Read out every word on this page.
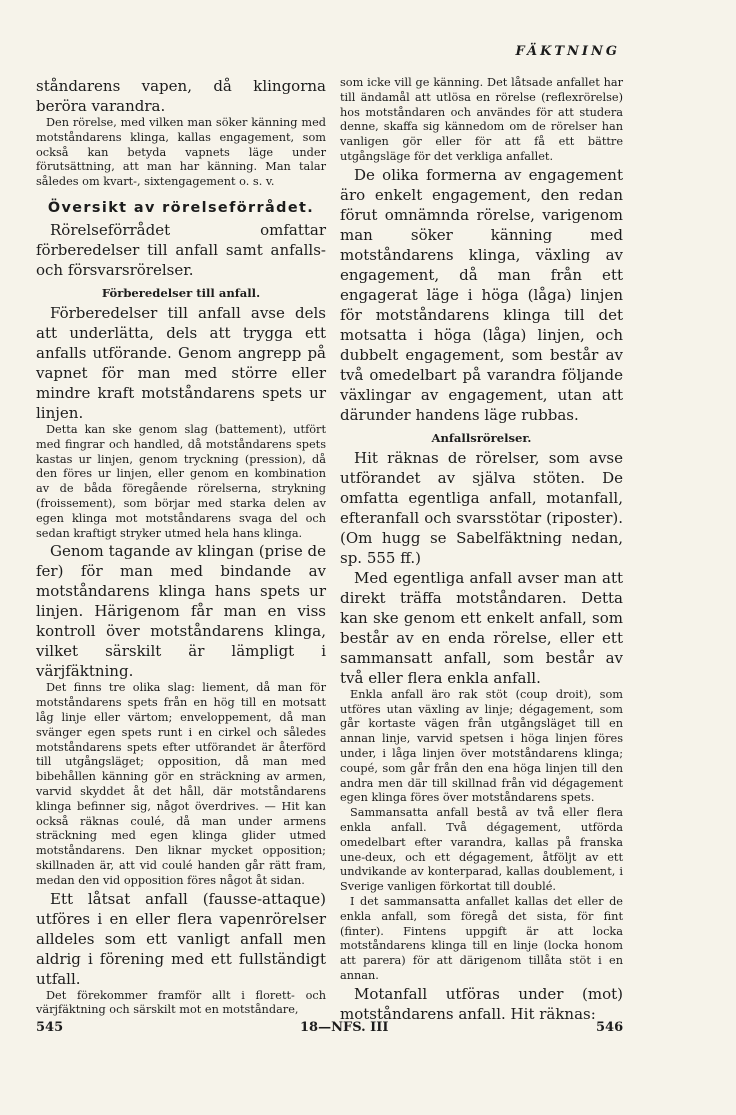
FÄKTNING

ståndarens vapen, då klingorna beröra varandra.

Den rörelse, med vilken man söker känning med motståndarens klinga, kallas engagement, som också kan betyda vapnets läge under förutsättning, att man har känning. Man talar således om kvart-, sixtengagement o. s. v.

Översikt av rörelseförrådet.

Rörelseförrådet omfattar förberedelser till anfall samt anfalls- och försvarsrörelser.

Förberedelser till anfall.

Förberedelser till anfall avse dels att underlätta, dels att trygga ett anfalls utförande. Genom angrepp på vapnet för man med större eller mindre kraft motståndarens spets ur linjen.

Detta kan ske genom slag (battement), utfört med fingrar och handled, då motståndarens spets kastas ur linjen, genom tryckning (pression), då den föres ur linjen, eller genom en kombination av de båda föregående rörelserna, strykning (froissement), som börjar med starka delen av egen klinga mot motståndarens svaga del och sedan kraftigt stryker utmed hela hans klinga.

Genom tagande av klingan (prise de fer) för man med bindande av motståndarens klinga hans spets ur linjen. Härigenom får man en viss kontroll över motståndarens klinga, vilket särskilt är lämpligt i värjfäktning.

Det finns tre olika slag: liement, då man för motståndarens spets från en hög till en motsatt låg linje eller värtom; enveloppement, då man svänger egen spets runt i en cirkel och således motståndarens spets efter utförandet är återförd till utgångsläget; opposition, då man med bibehållen känning gör en sträckning av armen, varvid skyddet åt det håll, där motståndarens klinga befinner sig, något överdrives. — Hit kan också räknas coulé, då man under armens sträckning med egen klinga glider utmed motståndarens. Den liknar mycket opposition; skillnaden är, att vid coulé handen går rätt fram, medan den vid opposition föres något åt sidan.

Ett låtsat anfall (fausse-attaque) utföres i en eller flera vapenrörelser alldeles som ett vanligt anfall men aldrig i förening med ett fullständigt utfall.

Det förekommer framför allt i florett- och värjfäktning och särskilt mot en motståndare,

som icke vill ge känning. Det låtsade anfallet har till ändamål att utlösa en rörelse (reflexrörelse) hos motståndaren och användes för att studera denne, skaffa sig kännedom om de rörelser han vanligen gör eller för att få ett bättre utgångsläge för det verkliga anfallet.

De olika formerna av engagement äro enkelt engagement, den redan förut omnämnda rörelse, varigenom man söker känning med motståndarens klinga, växling av engagement, då man från ett engagerat läge i höga (låga) linjen för motståndarens klinga till det motsatta i höga (låga) linjen, och dubbelt engagement, som består av två omedelbart på varandra följande växlingar av engagement, utan att därunder handens läge rubbas.

Anfallsrörelser.

Hit räknas de rörelser, som avse utförandet av själva stöten. De omfatta egentliga anfall, motanfall, efteranfall och svarsstötar (riposter). (Om hugg se Sabelfäktning nedan, sp. 555 ff.)

Med egentliga anfall avser man att direkt träffa motståndaren. Detta kan ske genom ett enkelt anfall, som består av en enda rörelse, eller ett sammansatt anfall, som består av två eller flera enkla anfall.

Enkla anfall äro rak stöt (coup droit), som utföres utan växling av linje; dégagement, som går kortaste vägen från utgångsläget till en annan linje, varvid spetsen i höga linjen föres under, i låga linjen över motståndarens klinga; coupé, som går från den ena höga linjen till den andra men där till skillnad från vid dégagement egen klinga föres över motståndarens spets.

Sammansatta anfall bestå av två eller flera enkla anfall. Två dégagement, utförda omedelbart efter varandra, kallas på franska une-deux, och ett dégagement, åtföljt av ett undvikande av konterparad, kallas doublement, i Sverige vanligen förkortat till doublé.

I det sammansatta anfallet kallas det eller de enkla anfall, som föregå det sista, för fint (finter). Fintens uppgift är att locka motståndarens klinga till en linje (locka honom att parera) för att därigenom tillåta stöt i en annan.

Motanfall utföras under (mot) motståndarens anfall. Hit räknas:

545	18—NFS. III	546
